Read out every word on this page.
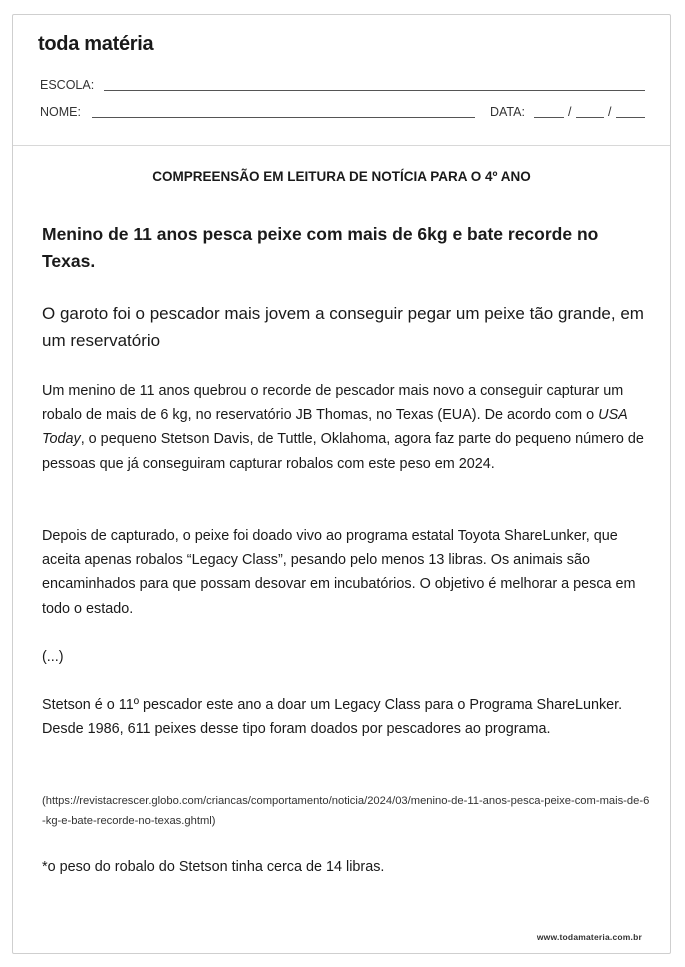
toda matéria
ESCOLA:
NOME:	DATA:	/	/
COMPREENSÃO EM LEITURA DE NOTÍCIA PARA O 4º ANO
Menino de 11 anos pesca peixe com mais de 6kg e bate recorde no Texas.
O garoto foi o pescador mais jovem a conseguir pegar um peixe tão grande, em um reservatório
Um menino de 11 anos quebrou o recorde de pescador mais novo a conseguir capturar um robalo de mais de 6 kg, no reservatório JB Thomas, no Texas (EUA). De acordo com o USA Today, o pequeno Stetson Davis, de Tuttle, Oklahoma, agora faz parte do pequeno número de pessoas que já conseguiram capturar robalos com este peso em 2024.
Depois de capturado, o peixe foi doado vivo ao programa estatal Toyota ShareLunker, que aceita apenas robalos “Legacy Class”, pesando pelo menos 13 libras. Os animais são encaminhados para que possam desovar em incubatórios. O objetivo é melhorar a pesca em todo o estado.
(...)
Stetson é o 11º pescador este ano a doar um Legacy Class para o Programa ShareLunker. Desde 1986, 611 peixes desse tipo foram doados por pescadores ao programa.
(https://revistacrescer.globo.com/criancas/comportamento/noticia/2024/03/menino-de-11-anos-pesca-peixe-com-mais-de-6-kg-e-bate-recorde-no-texas.ghtml)
*o peso do robalo do Stetson tinha cerca de 14 libras.
www.todamateria.com.br
